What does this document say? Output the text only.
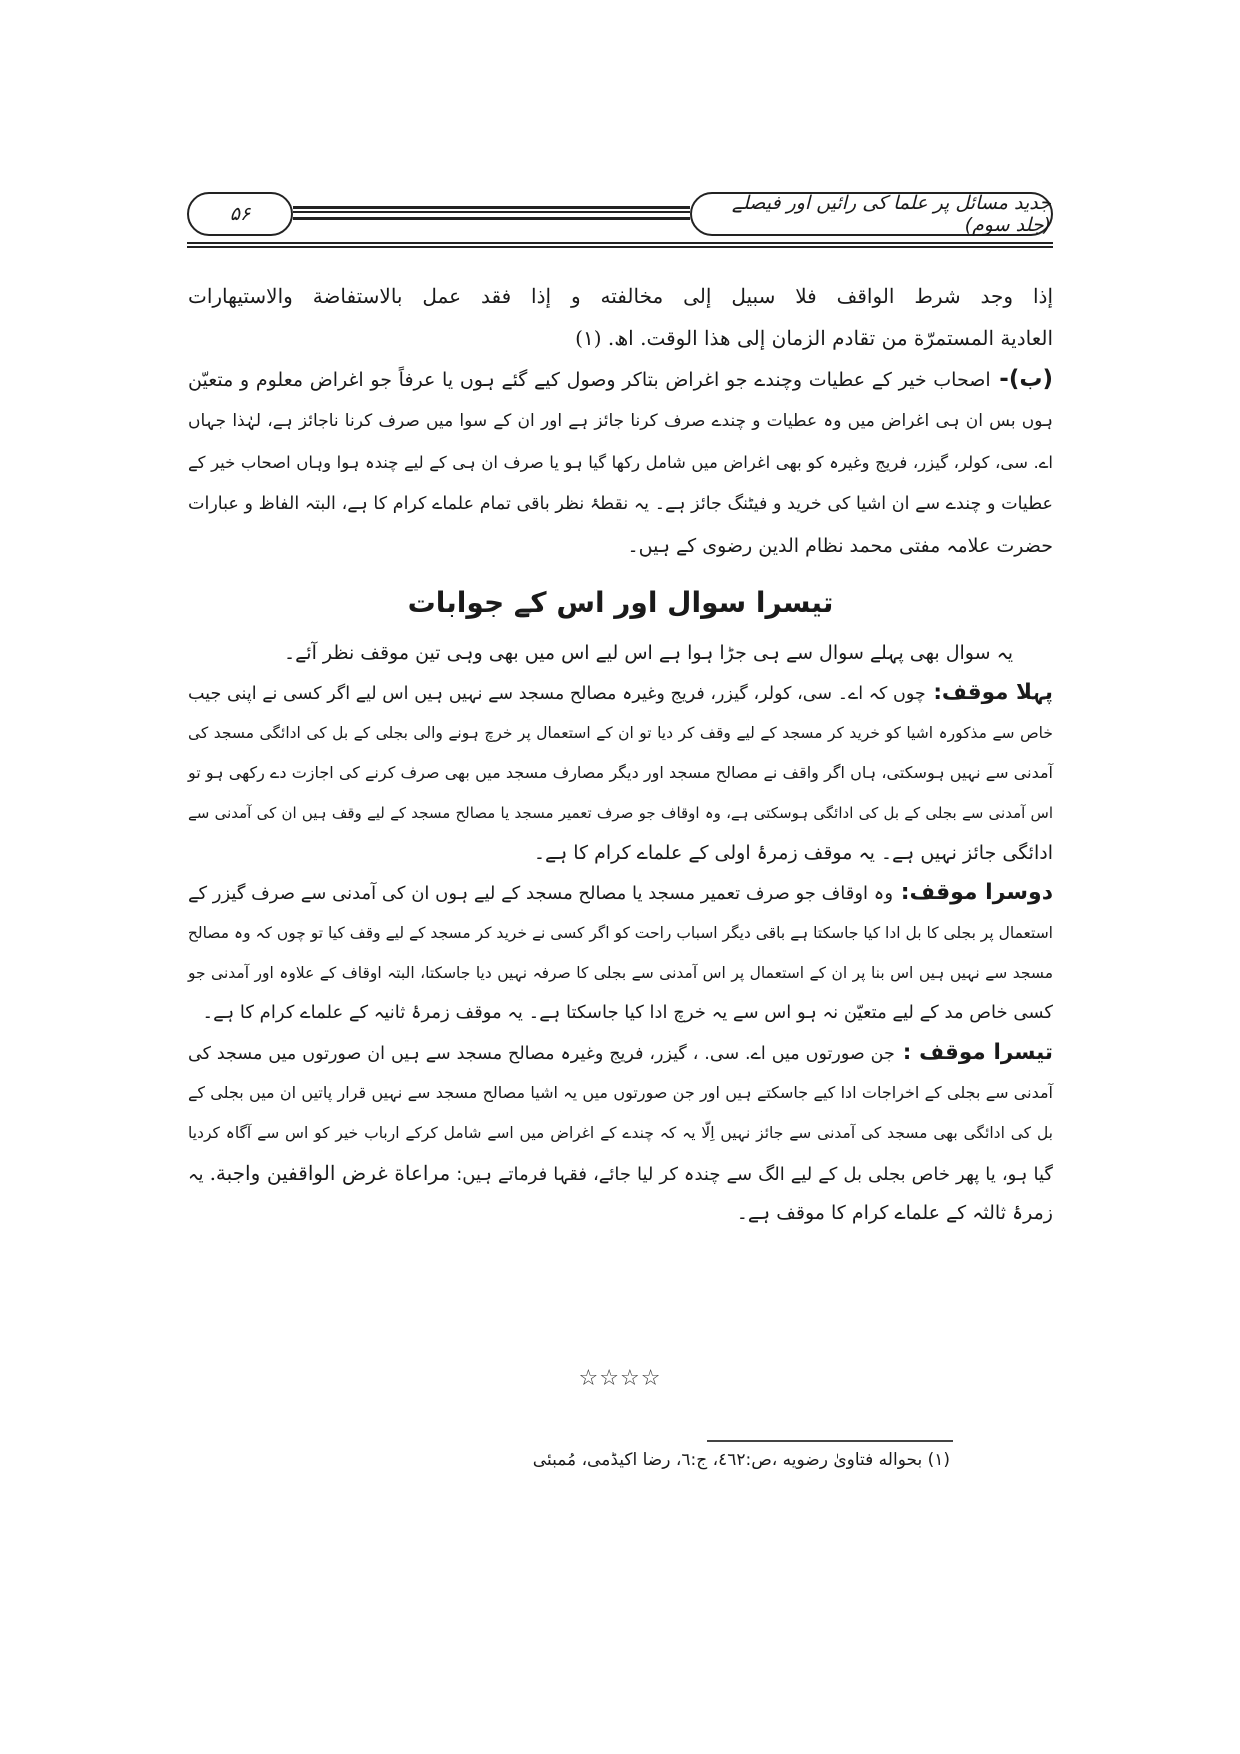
۵۶	جدید مسائل پر علما کی رائیں اور فیصلے (جلد سوم)
إذا وجد شرط الواقف فلا سبيل إلى مخالفته و إذا فقد عمل بالاستفاضة والاستيهارات
العادية المستمرّة من تقادم الزمان إلى هذا الوقت. اھ. (۱)
(ب)- اصحاب خیر کے عطیات وچندے جو اغراض بتاکر وصول کیے گئے ہوں یا عرفاً جو اغراض معلوم و متعیّن
ہوں بس ان ہی اغراض میں وہ عطیات و چندے صرف کرنا جائز ہے اور ان کے سوا میں صرف کرنا ناجائز ہے، لہٰذا جہاں
اے. سی، کولر، گیزر، فریج وغیرہ کو بھی اغراض میں شامل رکھا گیا ہو یا صرف ان ہی کے لیے چندہ ہوا وہاں اصحاب خیر کے
عطیات و چندے سے ان اشیا کی خرید و فیٹنگ جائز ہے۔ یہ نقطۂ نظر باقی تمام علماے کرام کا ہے، البتہ الفاظ و عبارات
حضرت علامہ مفتی محمد نظام الدین رضوی کے ہیں۔
تیسرا سوال اور اس کے جوابات
یہ سوال بھی پہلے سوال سے ہی جڑا ہوا ہے اس لیے اس میں بھی وہی تین موقف نظر آئے۔
پہلا موقف: چوں کہ اے۔ سی، کولر، گیزر، فریج وغیرہ مصالح مسجد سے نہیں ہیں اس لیے اگر کسی نے اپنی جیب
خاص سے مذکورہ اشیا کو خرید کر مسجد کے لیے وقف کر دیا تو ان کے استعمال پر خرچ ہونے والی بجلی کے بل کی ادائگی مسجد کی
آمدنی سے نہیں ہوسکتی، ہاں اگر واقف نے مصالح مسجد اور دیگر مصارف مسجد میں بھی صرف کرنے کی اجازت دے رکھی ہو تو
اس آمدنی سے بجلی کے بل کی ادائگی ہوسکتی ہے، وہ اوقاف جو صرف تعمیر مسجد یا مصالح مسجد کے لیے وقف ہیں ان کی آمدنی سے
ادائگی جائز نہیں ہے۔ یہ موقف زمرۂ اولی کے علماے کرام کا ہے۔
دوسرا موقف: وہ اوقاف جو صرف تعمیر مسجد یا مصالح مسجد کے لیے ہوں ان کی آمدنی سے صرف گیزر کے
استعمال پر بجلی کا بل ادا کیا جاسکتا ہے باقی دیگر اسباب راحت کو اگر کسی نے خرید کر مسجد کے لیے وقف کیا تو چوں کہ وہ مصالح
مسجد سے نہیں ہیں اس بنا پر ان کے استعمال پر اس آمدنی سے بجلی کا صرفہ نہیں دیا جاسکتا، البتہ اوقاف کے علاوہ اور آمدنی جو
کسی خاص مد کے لیے متعیّن نہ ہو اس سے یہ خرچ ادا کیا جاسکتا ہے۔ یہ موقف زمرۂ ثانیہ کے علماے کرام کا ہے۔
تیسرا موقف : جن صورتوں میں اے. سی. ، گیزر، فریج وغیرہ مصالح مسجد سے ہیں ان صورتوں میں مسجد کی
آمدنی سے بجلی کے اخراجات ادا کیے جاسکتے ہیں اور جن صورتوں میں یہ اشیا مصالح مسجد سے نہیں قرار پاتیں ان میں بجلی کے
بل کی ادائگی بھی مسجد کی آمدنی سے جائز نہیں اِلّا یہ کہ چندے کے اغراض میں اسے شامل کرکے ارباب خیر کو اس سے آگاہ کردیا
گیا ہو، یا پھر خاص بجلی بل کے لیے الگ سے چندہ کر لیا جائے، فقہا فرماتے ہیں: مراعاة غرض الواقفين واجبة. یہ
زمرۂ ثالثہ کے علماے کرام کا موقف ہے۔
☆☆☆☆
(۱) بحواله فتاویٰ رضویه ،ص:٤٦٢، ج:٦، رضا اکیڈمی، مُمبئی
